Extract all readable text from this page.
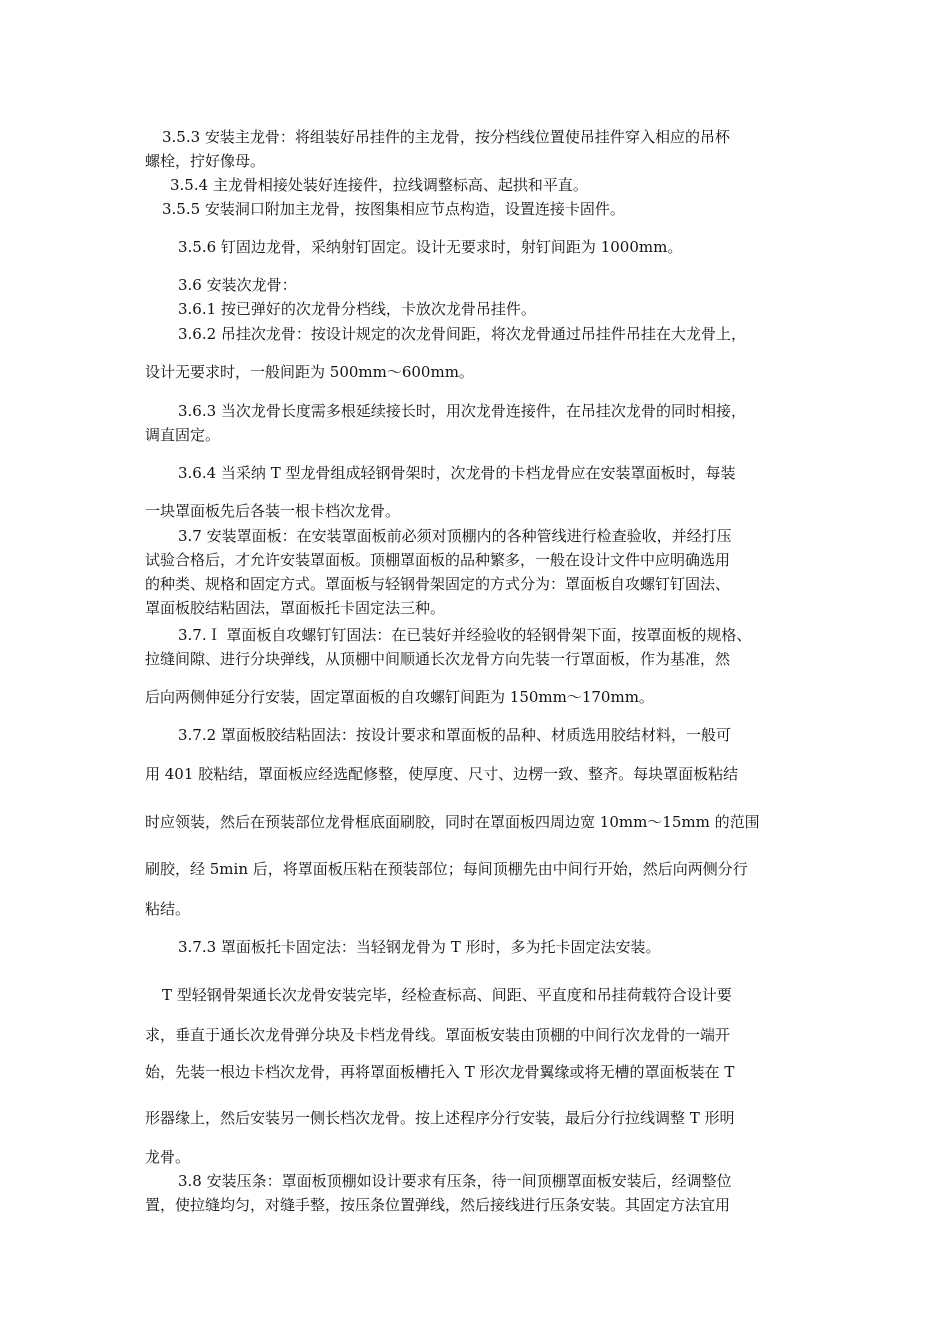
3.5.3 安装主龙骨：将组装好吊挂件的主龙骨，按分档线位置使吊挂件穿入相应的吊杯
螺栓，拧好像母。
3.5.4 主龙骨相接处装好连接件，拉线调整标高、起拱和平直。
3.5.5 安装洞口附加主龙骨，按图集相应节点构造，设置连接卡固件。
3.5.6 钉固边龙骨，采纳射钉固定。设计无要求时，射钉间距为 1000mm。
3.6 安装次龙骨：
3.6.1 按已弹好的次龙骨分档线，卡放次龙骨吊挂件。
3.6.2 吊挂次龙骨：按设计规定的次龙骨间距，将次龙骨通过吊挂件吊挂在大龙骨上，
设计无要求时，一般间距为 500mm～600mm。
3.6.3 当次龙骨长度需多根延续接长时，用次龙骨连接件，在吊挂次龙骨的同时相接，
调直固定。
3.6.4 当采纳 T 型龙骨组成轻钢骨架时，次龙骨的卡档龙骨应在安装罩面板时，每装
一块罩面板先后各装一根卡档次龙骨。
3.7 安装罩面板：在安装罩面板前必须对顶棚内的各种管线进行检查验收，并经打压
试验合格后，才允许安装罩面板。顶棚罩面板的品种繁多，一般在设计文件中应明确选用
的种类、规格和固定方式。罩面板与轻钢骨架固定的方式分为：罩面板自攻螺钉钉固法、
罩面板胶结粘固法，罩面板托卡固定法三种。
3.7.Ｉ 罩面板自攻螺钉钉固法：在已装好并经验收的轻钢骨架下面，按罩面板的规格、
拉缝间隙、进行分块弹线，从顶棚中间顺通长次龙骨方向先装一行罩面板，作为基准，然
后向两侧伸延分行安装，固定罩面板的自攻螺钉间距为 150mm～170mm。
3.7.2 罩面板胶结粘固法：按设计要求和罩面板的品种、材质选用胶结材料，一般可
用 401 胶粘结，罩面板应经选配修整，使厚度、尺寸、边楞一致、整齐。每块罩面板粘结
时应领装，然后在预装部位龙骨框底面刷胶，同时在罩面板四周边宽 10mm～15mm 的范围
刷胶，经 5min 后，将罩面板压粘在预装部位；每间顶棚先由中间行开始，然后向两侧分行
粘结。
3.7.3 罩面板托卡固定法：当轻钢龙骨为 T 形时，多为托卡固定法安装。
T 型轻钢骨架通长次龙骨安装完毕，经检查标高、间距、平直度和吊挂荷载符合设计要
求，垂直于通长次龙骨弹分块及卡档龙骨线。罩面板安装由顶棚的中间行次龙骨的一端开
始，先装一根边卡档次龙骨，再将罩面板槽托入 T 形次龙骨翼缘或将无槽的罩面板装在 T
形器缘上，然后安装另一侧长档次龙骨。按上述程序分行安装，最后分行拉线调整 T 形明
龙骨。
3.8 安装压条：罩面板顶棚如设计要求有压条，待一间顶棚罩面板安装后，经调整位
置，使拉缝均匀，对缝手整，按压条位置弹线，然后接线进行压条安装。其固定方法宜用
